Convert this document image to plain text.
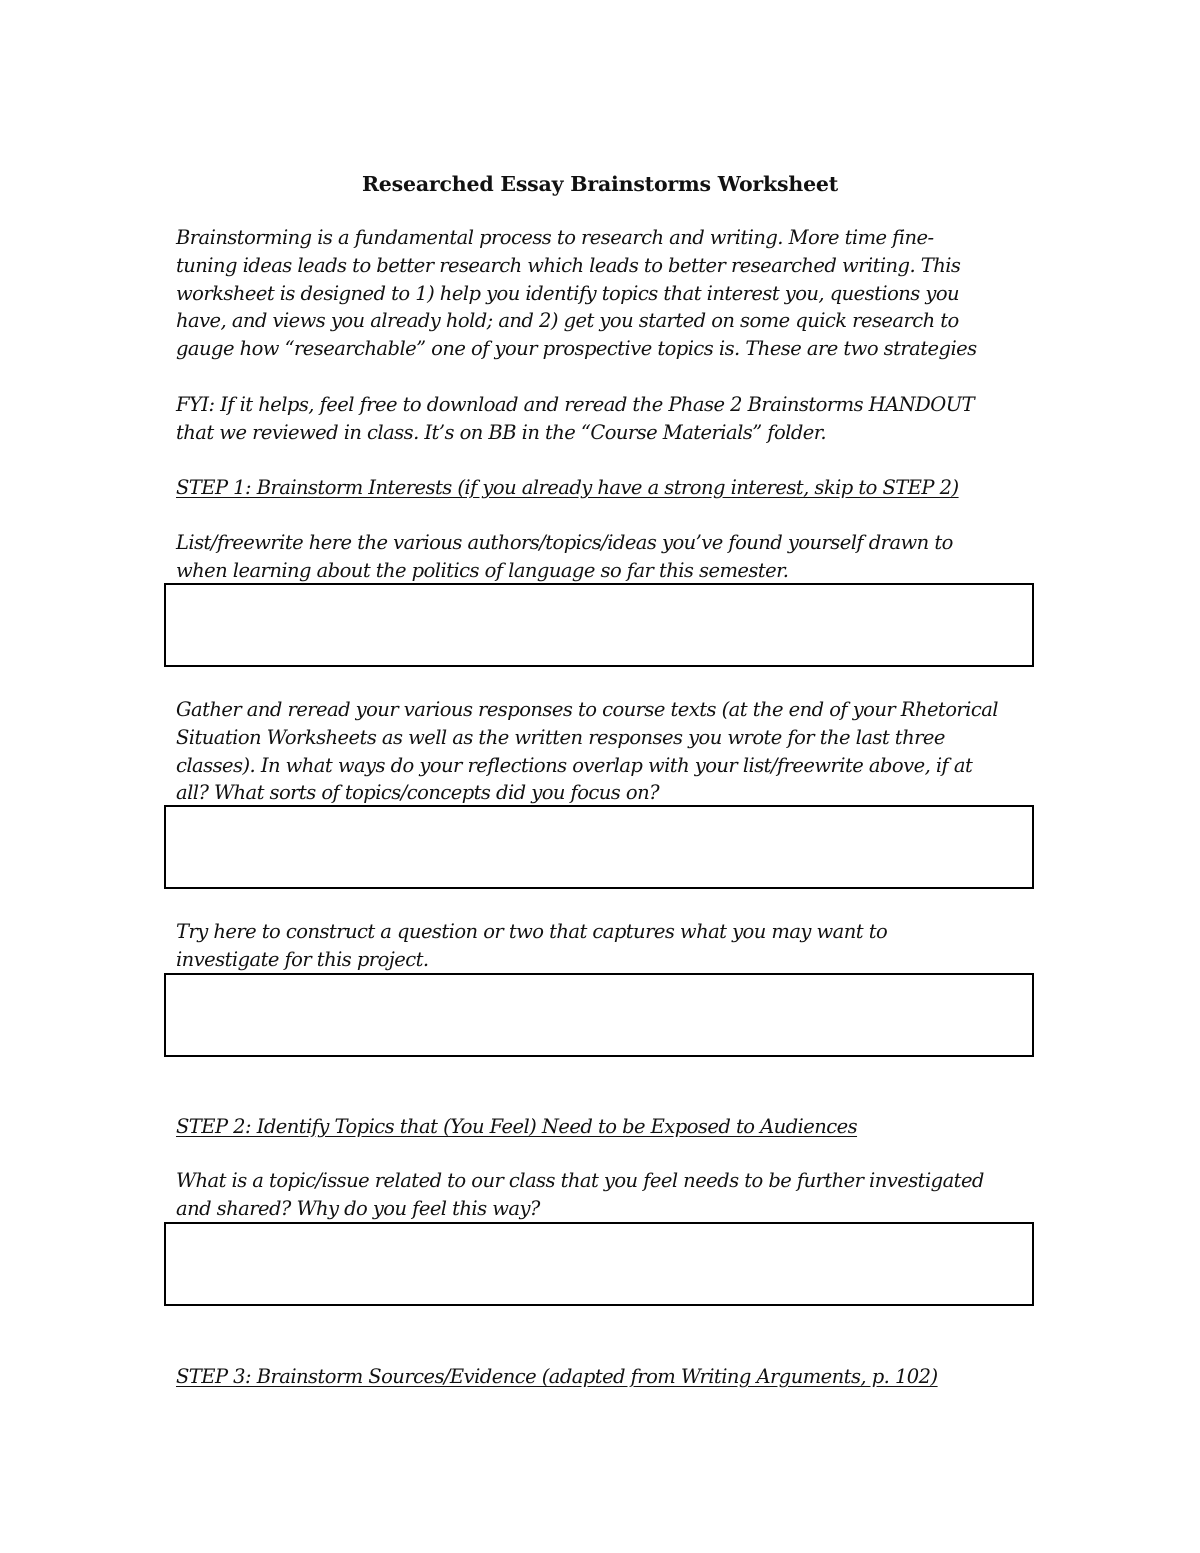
Researched Essay Brainstorms Worksheet

Brainstorming is a fundamental process to research and writing. More time fine-
tuning ideas leads to better research which leads to better researched writing. This
worksheet is designed to 1) help you identify topics that interest you, questions you
have, and views you already hold; and 2) get you started on some quick research to
gauge how “researchable” one of your prospective topics is. These are two strategies

FYI: If it helps, feel free to download and reread the Phase 2 Brainstorms HANDOUT
that we reviewed in class. It’s on BB in the “Course Materials” folder.

STEP 1: Brainstorm Interests (if you already have a strong interest, skip to STEP 2)

List/freewrite here the various authors/topics/ideas you’ve found yourself drawn to
when learning about the politics of language so far this semester.

Gather and reread your various responses to course texts (at the end of your Rhetorical
Situation Worksheets as well as the written responses you wrote for the last three
classes). In what ways do your reflections overlap with your list/freewrite above, if at
all? What sorts of topics/concepts did you focus on?

Try here to construct a question or two that captures what you may want to
investigate for this project.

STEP 2: Identify Topics that (You Feel) Need to be Exposed to Audiences

What is a topic/issue related to our class that you feel needs to be further investigated
and shared? Why do you feel this way?

STEP 3: Brainstorm Sources/Evidence (adapted from Writing Arguments, p. 102)
